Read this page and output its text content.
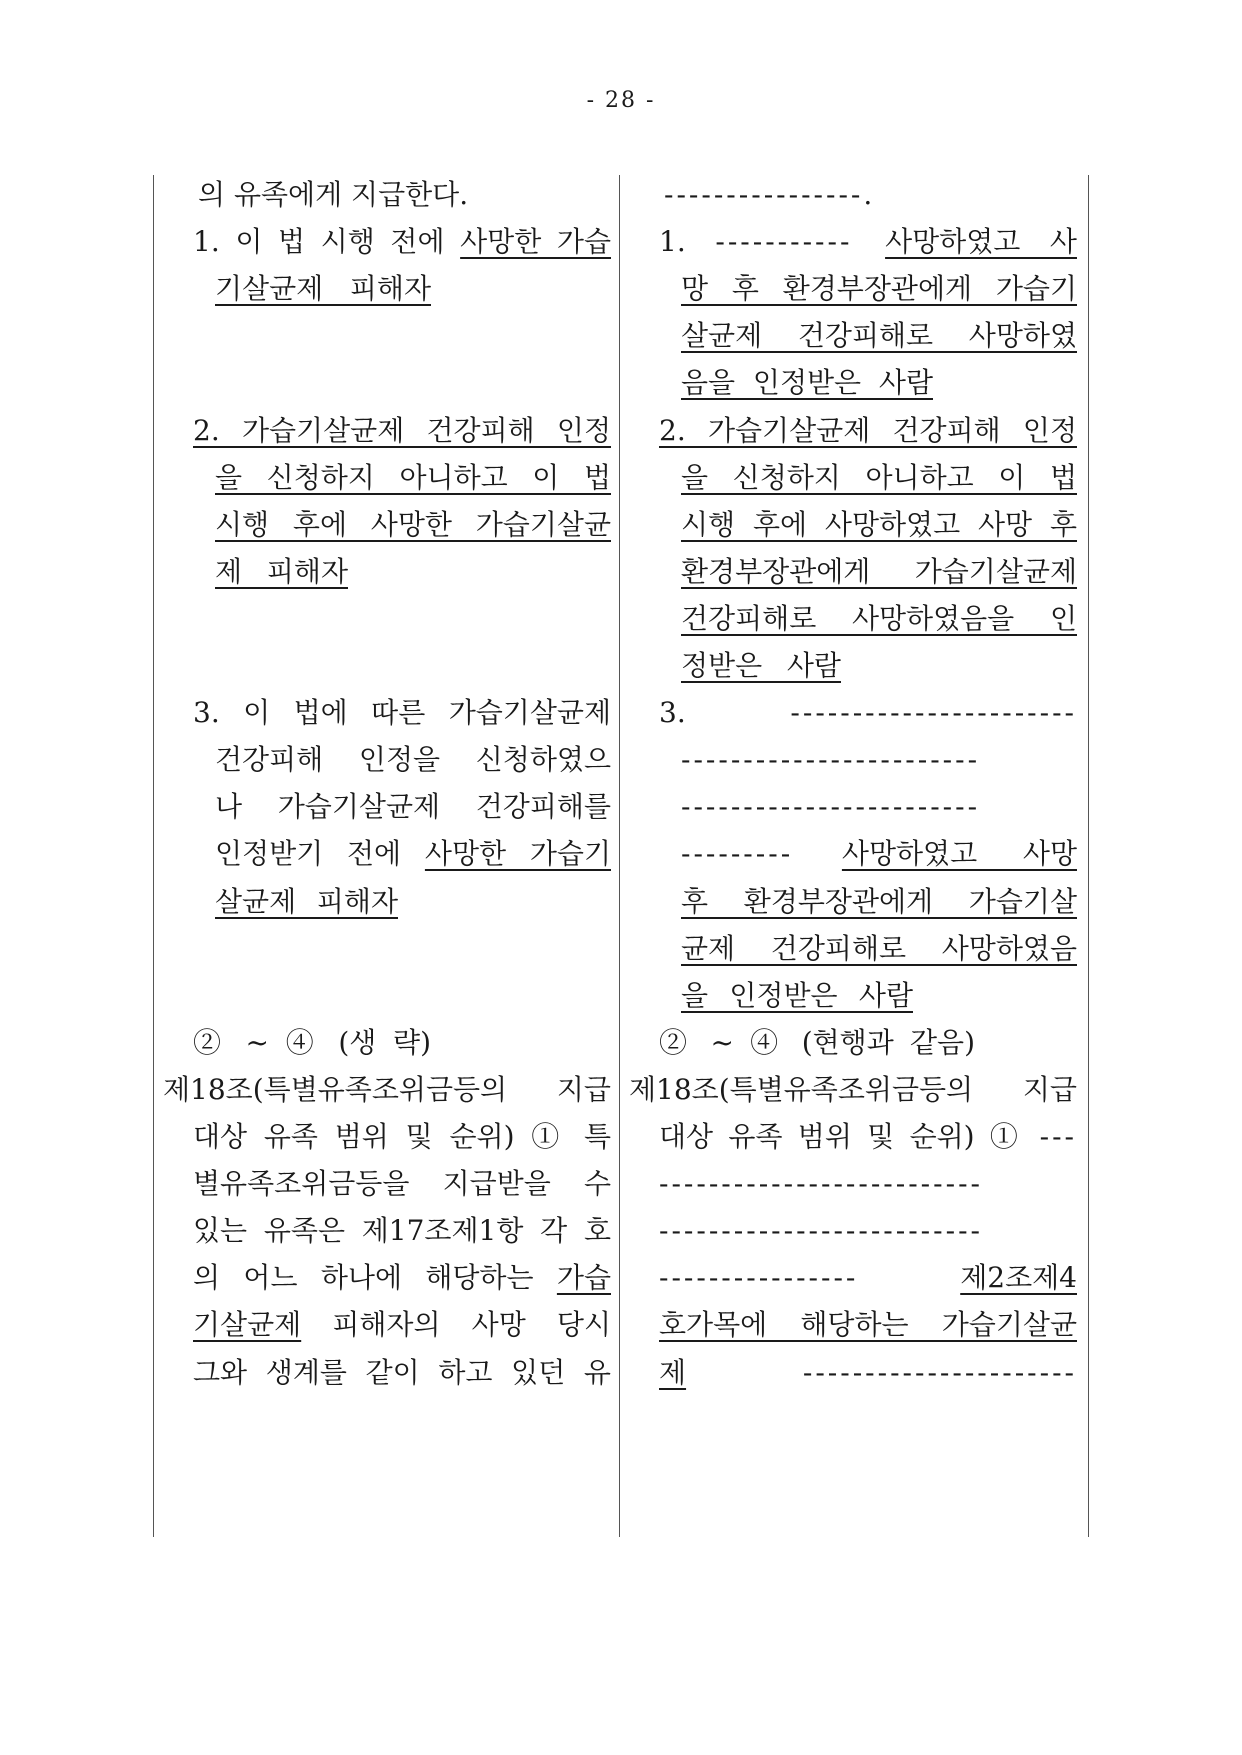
- 28 -
의 유족에게 지급한다.
1. 이 법 시행 전에 사망한 가습
기살균제 피해자
2. 가습기살균제 건강피해 인정
을 신청하지 아니하고 이 법
시행 후에 사망한 가습기살균
제 피해자
3. 이 법에 따른 가습기살균제
건강피해 인정을 신청하였으
나 가습기살균제 건강피해를
인정받기 전에 사망한 가습기
살균제 피해자
② ~ ④ (생 략)
제18조(특별유족조위금등의 지급
대상 유족 범위 및 순위) ① 특
별유족조위금등을 지급받을 수
있는 유족은 제17조제1항 각 호
의 어느 하나에 해당하는 가습
기살균제 피해자의 사망 당시
그와 생계를 같이 하고 있던 유
----------------.
1. ----------- 사망하였고 사
망 후 환경부장관에게 가습기
살균제 건강피해로 사망하였
음을 인정받은 사람
2. 가습기살균제 건강피해 인정
을 신청하지 아니하고 이 법
시행 후에 사망하였고 사망 후
환경부장관에게 가습기살균제
건강피해로 사망하였음을 인
정받은 사람
3. -----------------------
------------------------
------------------------
--------- 사망하였고 사망
후 환경부장관에게 가습기살
균제 건강피해로 사망하였음
을 인정받은 사람
② ~ ④ (현행과 같음)
제18조(특별유족조위금등의 지급
대상 유족 범위 및 순위) ① ---
--------------------------
--------------------------
---------------- 제2조제4
호가목에 해당하는 가습기살균
제 ----------------------
